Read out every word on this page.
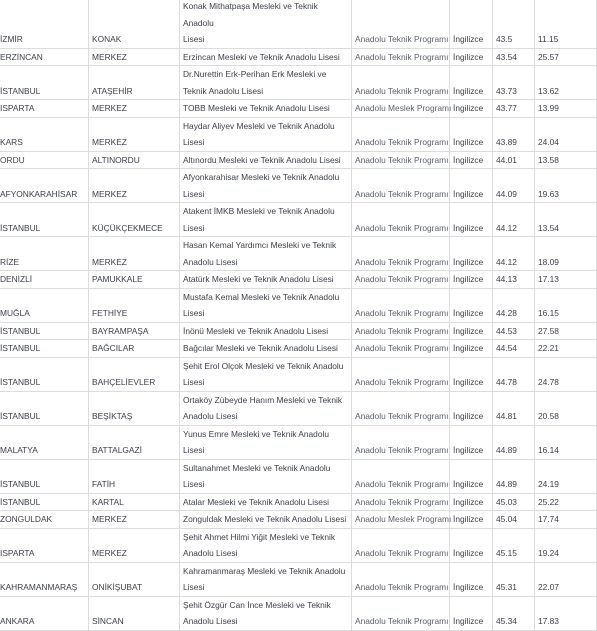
İZMİR	KONAK	Konak Mithatpaşa Mesleki ve Teknik Anadolu
Lisesi	Anadolu Teknik Programı	İngilizce	43.5	11.15
ERZİNCAN	MERKEZ	Erzincan Mesleki ve Teknik Anadolu Lisesi	Anadolu Teknik Programı	İngilizce	43.54	25.57
İSTANBUL	ATAŞEHİR	Dr.Nurettin Erk-Perihan Erk Mesleki ve
Teknik Anadolu Lisesi	Anadolu Teknik Programı	İngilizce	43.73	13.62
ISPARTA	MERKEZ	TOBB Mesleki ve Teknik Anadolu Lisesi	Anadolu Meslek Programı	İngilizce	43.77	13.99
KARS	MERKEZ	Haydar Aliyev Mesleki ve Teknik Anadolu
Lisesi	Anadolu Teknik Programı	İngilizce	43.89	24.04
ORDU	ALTINORDU	Altınordu Mesleki ve Teknik Anadolu Lisesi	Anadolu Teknik Programı	İngilizce	44.01	13.58
AFYONKARAHİSAR	MERKEZ	Afyonkarahisar Mesleki ve Teknik Anadolu
Lisesi	Anadolu Teknik Programı	İngilizce	44.09	19.63
İSTANBUL	KÜÇÜKÇEKMECE	Atakent İMKB Mesleki ve Teknik Anadolu
Lisesi	Anadolu Teknik Programı	İngilizce	44.12	13.54
RİZE	MERKEZ	Hasan Kemal Yardımcı Mesleki ve Teknik
Anadolu Lisesi	Anadolu Teknik Programı	İngilizce	44.12	18.09
DENİZLİ	PAMUKKALE	Atatürk Mesleki ve Teknik Anadolu Lisesi	Anadolu Teknik Programı	İngilizce	44.13	17.13
MUĞLA	FETHİYE	Mustafa Kemal Mesleki ve Teknik Anadolu
Lisesi	Anadolu Teknik Programı	İngilizce	44.28	16.15
İSTANBUL	BAYRAMPAŞA	İnönü Mesleki ve Teknik Anadolu Lisesi	Anadolu Teknik Programı	İngilizce	44.53	27.58
İSTANBUL	BAĞCILAR	Bağcılar Mesleki ve Teknik Anadolu Lisesi	Anadolu Teknik Programı	İngilizce	44.54	22.21
İSTANBUL	BAHÇELİEVLER	Şehit Erol Olçok Mesleki ve Teknik Anadolu
Lisesi	Anadolu Teknik Programı	İngilizce	44.78	24.78
İSTANBUL	BEŞİKTAŞ	Ortaköy Zübeyde Hanım Mesleki ve Teknik
Anadolu Lisesi	Anadolu Teknik Programı	İngilizce	44.81	20.58
MALATYA	BATTALGAZİ	Yunus Emre Mesleki ve Teknik Anadolu
Lisesi	Anadolu Teknik Programı	İngilizce	44.89	16.14
İSTANBUL	FATİH	Sultanahmet Mesleki ve Teknik Anadolu
Lisesi	Anadolu Teknik Programı	İngilizce	44.89	24.19
İSTANBUL	KARTAL	Atalar Mesleki ve Teknik Anadolu Lisesi	Anadolu Teknik Programı	İngilizce	45.03	25.22
ZONGULDAK	MERKEZ	Zonguldak Mesleki ve Teknik Anadolu Lisesi	Anadolu Meslek Programı	İngilizce	45.04	17.74
ISPARTA	MERKEZ	Şehit Ahmet Hilmi Yiğit Mesleki ve Teknik
Anadolu Lisesi	Anadolu Teknik Programı	İngilizce	45.15	19.24
KAHRAMANMARAŞ	ONİKİŞUBAT	Kahramanmaraş Mesleki ve Teknik Anadolu
Lisesi	Anadolu Teknik Programı	İngilizce	45.31	22.07
ANKARA	SİNCAN	Şehit Özgür Can İnce Mesleki ve Teknik
Anadolu Lisesi	Anadolu Teknik Programı	İngilizce	45.34	17.83
